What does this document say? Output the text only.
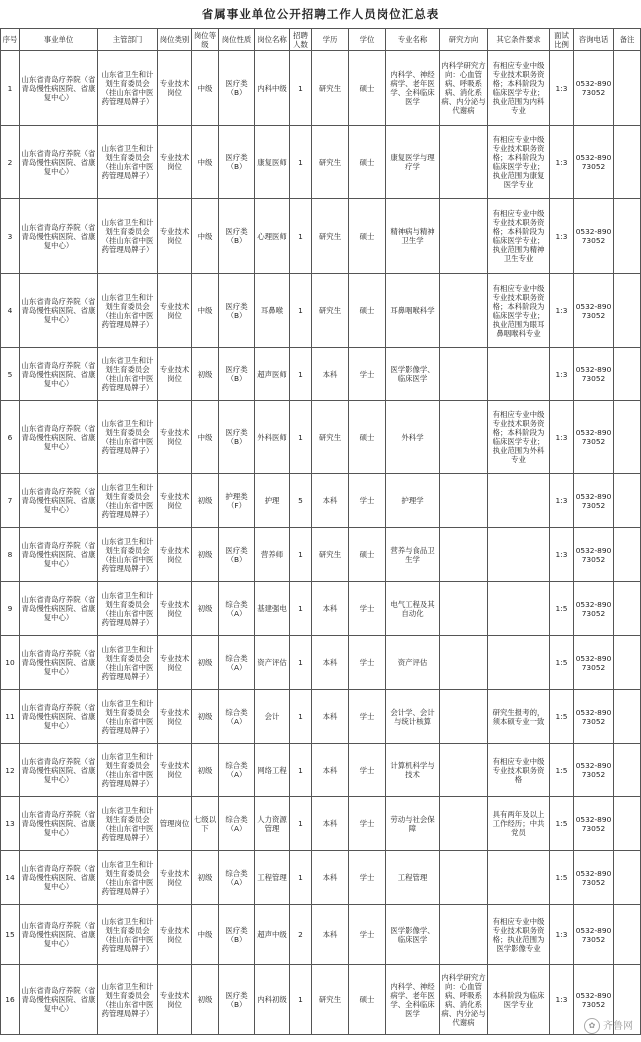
省属事业单位公开招聘工作人员岗位汇总表
序号	事业单位	主管部门	岗位类别	岗位等级	岗位性质	岗位名称	招聘人数	学历	学位	专业名称	研究方向	其它条件要求	面试比例	咨询电话	备注
1	山东省青岛疗养院（省青岛慢性病医院、省康复中心）	山东省卫生和计划生育委员会（挂山东省中医药管理局牌子）	专业技术岗位	中级	医疗类（B）	内科中级	1	研究生	硕士	内科学、神经病学、老年医学、全科临床医学	内科学研究方向：心血管病、呼吸系病、消化系病、内分泌与代谢病	有相应专业中级专业技术职务资格；本科阶段为临床医学专业；执业范围为内科专业	1:3	0532-89073052	
2	山东省青岛疗养院（省青岛慢性病医院、省康复中心）	山东省卫生和计划生育委员会（挂山东省中医药管理局牌子）	专业技术岗位	中级	医疗类（B）	康复医师	1	研究生	硕士	康复医学与理疗学		有相应专业中级专业技术职务资格；本科阶段为临床医学专业；执业范围为康复医学专业	1:3	0532-89073052	
3	山东省青岛疗养院（省青岛慢性病医院、省康复中心）	山东省卫生和计划生育委员会（挂山东省中医药管理局牌子）	专业技术岗位	中级	医疗类（B）	心理医师	1	研究生	硕士	精神病与精神卫生学		有相应专业中级专业技术职务资格；本科阶段为临床医学专业；执业范围为精神卫生专业	1:3	0532-89073052	
4	山东省青岛疗养院（省青岛慢性病医院、省康复中心）	山东省卫生和计划生育委员会（挂山东省中医药管理局牌子）	专业技术岗位	中级	医疗类（B）	耳鼻喉	1	研究生	硕士	耳鼻咽喉科学		有相应专业中级专业技术职务资格；本科阶段为临床医学专业；执业范围为眼耳鼻咽喉科专业	1:3	0532-89073052	
5	山东省青岛疗养院（省青岛慢性病医院、省康复中心）	山东省卫生和计划生育委员会（挂山东省中医药管理局牌子）	专业技术岗位	初级	医疗类（B）	超声医师	1	本科	学士	医学影像学、临床医学			1:3	0532-89073052	
6	山东省青岛疗养院（省青岛慢性病医院、省康复中心）	山东省卫生和计划生育委员会（挂山东省中医药管理局牌子）	专业技术岗位	中级	医疗类（B）	外科医师	1	研究生	硕士	外科学		有相应专业中级专业技术职务资格；本科阶段为临床医学专业；执业范围为外科专业	1:3	0532-89073052	
7	山东省青岛疗养院（省青岛慢性病医院、省康复中心）	山东省卫生和计划生育委员会（挂山东省中医药管理局牌子）	专业技术岗位	初级	护理类（F）	护理	5	本科	学士	护理学			1:3	0532-89073052	
8	山东省青岛疗养院（省青岛慢性病医院、省康复中心）	山东省卫生和计划生育委员会（挂山东省中医药管理局牌子）	专业技术岗位	初级	医疗类（B）	营养师	1	研究生	硕士	营养与食品卫生学			1:3	0532-89073052	
9	山东省青岛疗养院（省青岛慢性病医院、省康复中心）	山东省卫生和计划生育委员会（挂山东省中医药管理局牌子）	专业技术岗位	初级	综合类（A）	基建强电	1	本科	学士	电气工程及其自动化			1:5	0532-89073052	
10	山东省青岛疗养院（省青岛慢性病医院、省康复中心）	山东省卫生和计划生育委员会（挂山东省中医药管理局牌子）	专业技术岗位	初级	综合类（A）	资产评估	1	本科	学士	资产评估			1:5	0532-89073052	
11	山东省青岛疗养院（省青岛慢性病医院、省康复中心）	山东省卫生和计划生育委员会（挂山东省中医药管理局牌子）	专业技术岗位	初级	综合类（A）	会计	1	本科	学士	会计学、会计与统计核算		研究生报考的，须本硕专业一致	1:5	0532-89073052	
12	山东省青岛疗养院（省青岛慢性病医院、省康复中心）	山东省卫生和计划生育委员会（挂山东省中医药管理局牌子）	专业技术岗位	初级	综合类（A）	网络工程	1	本科	学士	计算机科学与技术		有相应专业中级专业技术职务资格	1:5	0532-89073052	
13	山东省青岛疗养院（省青岛慢性病医院、省康复中心）	山东省卫生和计划生育委员会（挂山东省中医药管理局牌子）	管理岗位	七级以下	综合类（A）	人力资源管理	1	本科	学士	劳动与社会保障		具有两年及以上工作经历；中共党员	1:5	0532-89073052	
14	山东省青岛疗养院（省青岛慢性病医院、省康复中心）	山东省卫生和计划生育委员会（挂山东省中医药管理局牌子）	专业技术岗位	初级	综合类（A）	工程管理	1	本科	学士	工程管理			1:5	0532-89073052	
15	山东省青岛疗养院（省青岛慢性病医院、省康复中心）	山东省卫生和计划生育委员会（挂山东省中医药管理局牌子）	专业技术岗位	中级	医疗类（B）	超声中级	2	本科	学士	医学影像学、临床医学		有相应专业中级专业技术职务资格；执业范围为医学影像专业	1:3	0532-89073052	
16	山东省青岛疗养院（省青岛慢性病医院、省康复中心）	山东省卫生和计划生育委员会（挂山东省中医药管理局牌子）	专业技术岗位	初级	医疗类（B）	内科初级	1	研究生	硕士	内科学、神经病学、老年医学、全科临床医学	内科学研究方向：心血管病、呼吸系病、消化系病、内分泌与代谢病	本科阶段为临床医学专业	1:3	0532-89073052	
✿ 齐鲁网
